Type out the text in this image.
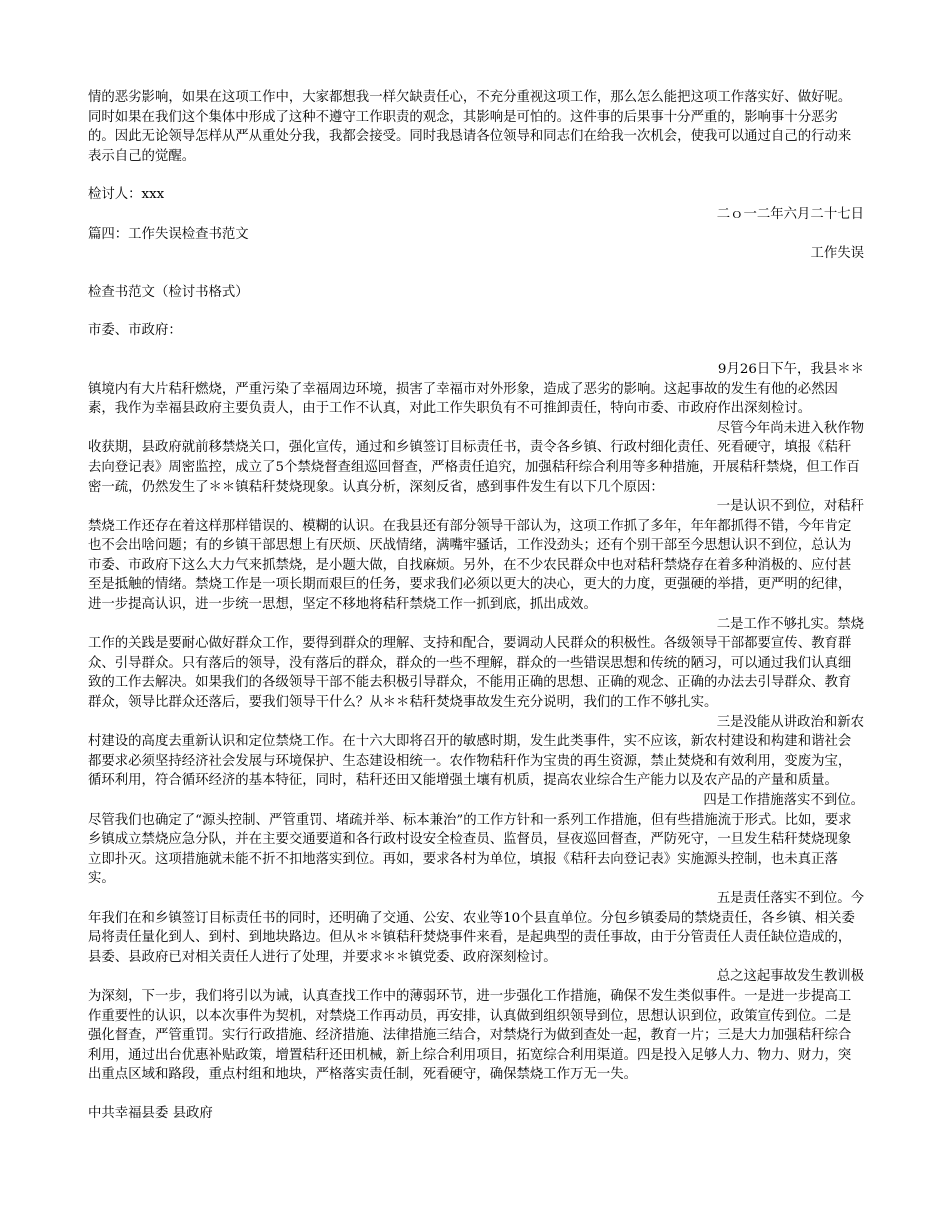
情的恶劣影响，如果在这项工作中，大家都想我一样欠缺责任心，不充分重视这项工作，那么怎么能把这项工作落实好、做好呢。同时如果在我们这个集体中形成了这种不遵守工作职责的观念，其影响是可怕的。这件事的后果事十分严重的，影响事十分恶劣的。因此无论领导怎样从严从重处分我，我都会接受。同时我恳请各位领导和同志们在给我一次机会，使我可以通过自己的行动来表示自己的觉醒。

检讨人：xxx

二ｏ一二年六月二十七日

篇四：工作失误检查书范文

工作失误

检查书范文（检讨书格式）

市委、市政府：

9月26日下午，我县＊＊

镇境内有大片秸秆燃烧，严重污染了幸福周边环境，损害了幸福市对外形象，造成了恶劣的影响。这起事故的发生有他的必然因素，我作为幸福县政府主要负责人，由于工作不认真，对此工作失职负有不可推卸责任，特向市委、市政府作出深刻检讨。

尽管今年尚未进入秋作物

收获期，县政府就前移禁烧关口，强化宣传，通过和乡镇签订目标责任书，责令各乡镇、行政村细化责任、死看硬守，填报《秸秆去向登记表》周密监控，成立了5个禁烧督查组巡回督查，严格责任追究，加强秸秆综合利用等多种措施，开展秸秆禁烧，但工作百密一疏，仍然发生了＊＊镇秸秆焚烧现象。认真分析，深刻反省，感到事件发生有以下几个原因：

一是认识不到位，对秸秆

禁烧工作还存在着这样那样错误的、模糊的认识。在我县还有部分领导干部认为，这项工作抓了多年，年年都抓得不错，今年肯定也不会出啥问题；有的乡镇干部思想上有厌烦、厌战情绪，满嘴牢骚话，工作没劲头；还有个别干部至今思想认识不到位，总认为市委、市政府下这么大力气来抓禁烧，是小题大做，自找麻烦。另外，在不少农民群众中也对秸秆禁烧存在着多种消极的、应付甚至是抵触的情绪。禁烧工作是一项长期而艰巨的任务，要求我们必须以更大的决心，更大的力度，更强硬的举措，更严明的纪律，进一步提高认识，进一步统一思想，坚定不移地将秸秆禁烧工作一抓到底，抓出成效。

二是工作不够扎实。禁烧

工作的关践是要耐心做好群众工作，要得到群众的理解、支持和配合，要调动人民群众的积极性。各级领导干部都要宣传、教育群众、引导群众。只有落后的领导，没有落后的群众，群众的一些不理解，群众的一些错误思想和传统的陋习，可以通过我们认真细致的工作去解决。如果我们的各级领导干部不能去积极引导群众，不能用正确的思想、正确的观念、正确的办法去引导群众、教育群众，领导比群众还落后，要我们领导干什么？从＊＊秸秆焚烧事故发生充分说明，我们的工作不够扎实。

三是没能从讲政治和新农

村建设的高度去重新认识和定位禁烧工作。在十六大即将召开的敏感时期，发生此类事件，实不应该，新农村建设和构建和谐社会都要求必须坚持经济社会发展与环境保护、生态建设相统一。农作物秸秆作为宝贵的再生资源，禁止焚烧和有效利用，变废为宝，循环利用，符合循环经济的基本特征，同时，秸秆还田又能增强土壤有机质，提高农业综合生产能力以及农产品的产量和质量。

四是工作措施落实不到位。

尽管我们也确定了“源头控制、严管重罚、堵疏并举、标本兼治”的工作方针和一系列工作措施，但有些措施流于形式。比如，要求乡镇成立禁烧应急分队，并在主要交通要道和各行政村设安全检查员、监督员，昼夜巡回督查，严防死守，一旦发生秸秆焚烧现象立即扑灭。这项措施就未能不折不扣地落实到位。再如，要求各村为单位，填报《秸秆去向登记表》实施源头控制，也未真正落实。

五是责任落实不到位。今

年我们在和乡镇签订目标责任书的同时，还明确了交通、公安、农业等10个县直单位。分包乡镇委局的禁烧责任，各乡镇、相关委局将责任量化到人、到村、到地块路边。但从＊＊镇秸秆焚烧事件来看，是起典型的责任事故，由于分管责任人责任缺位造成的，县委、县政府已对相关责任人进行了处理，并要求＊＊镇党委、政府深刻检讨。

总之这起事故发生教训极

为深刻，下一步，我们将引以为诫，认真查找工作中的薄弱环节，进一步强化工作措施，确保不发生类似事件。一是进一步提高工作重要性的认识，以本次事件为契机，对禁烧工作再动员，再安排，认真做到组织领导到位，思想认识到位，政策宣传到位。二是强化督查，严管重罚。实行行政措施、经济措施、法律措施三结合，对禁烧行为做到查处一起，教育一片；三是大力加强秸秆综合利用，通过出台优惠补贴政策，增置秸秆还田机械，新上综合利用项目，拓宽综合利用渠道。四是投入足够人力、物力、财力，突出重点区域和路段，重点村组和地块，严格落实责任制，死看硬守，确保禁烧工作万无一失。

中共幸福县委 县政府
